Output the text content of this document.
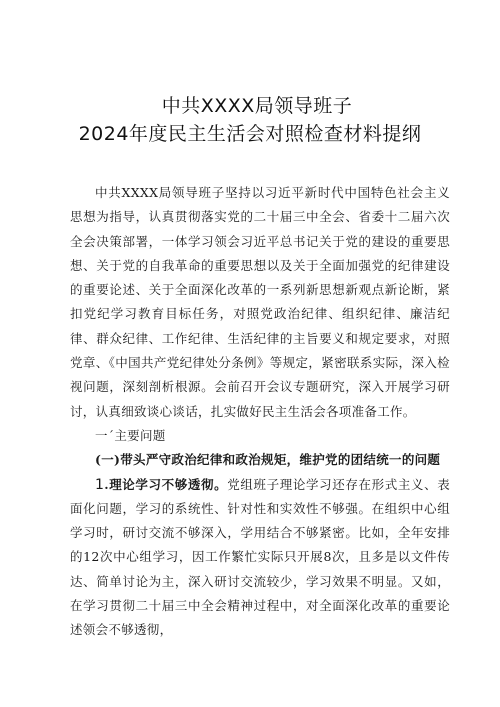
中共XXXX局领导班子
2024年度民主生活会对照检查材料提纲

中共XXXX局领导班子坚持以习近平新时代中国特色社会主义思想为指导，认真贯彻落实党的二十届三中全会、省委十二届六次全会决策部署，一体学习领会习近平总书记关于党的建设的重要思想、关于党的自我革命的重要思想以及关于全面加强党的纪律建设的重要论述、关于全面深化改革的一系列新思想新观点新论断，紧扣党纪学习教育目标任务，对照党政治纪律、组织纪律、廉洁纪律、群众纪律、工作纪律、生活纪律的主旨要义和规定要求，对照党章、《中国共产党纪律处分条例》等规定，紧密联系实际，深入检视问题，深刻剖析根源。会前召开会议专题研究，深入开展学习研讨，认真细致谈心谈话，扎实做好民主生活会各项准备工作。

一ˊ主要问题

(一)带头严守政治纪律和政治规矩，维护党的团结统一的问题

1.理论学习不够透彻。党组班子理论学习还存在形式主义、表面化问题，学习的系统性、针对性和实效性不够强。在组织中心组学习时，研讨交流不够深入，学用结合不够紧密。比如，全年安排的12次中心组学习，因工作繁忙实际只开展8次，且多是以文件传达、简单讨论为主，深入研讨交流较少，学习效果不明显。又如，在学习贯彻二十届三中全会精神过程中，对全面深化改革的重要论述领会不够透彻，
